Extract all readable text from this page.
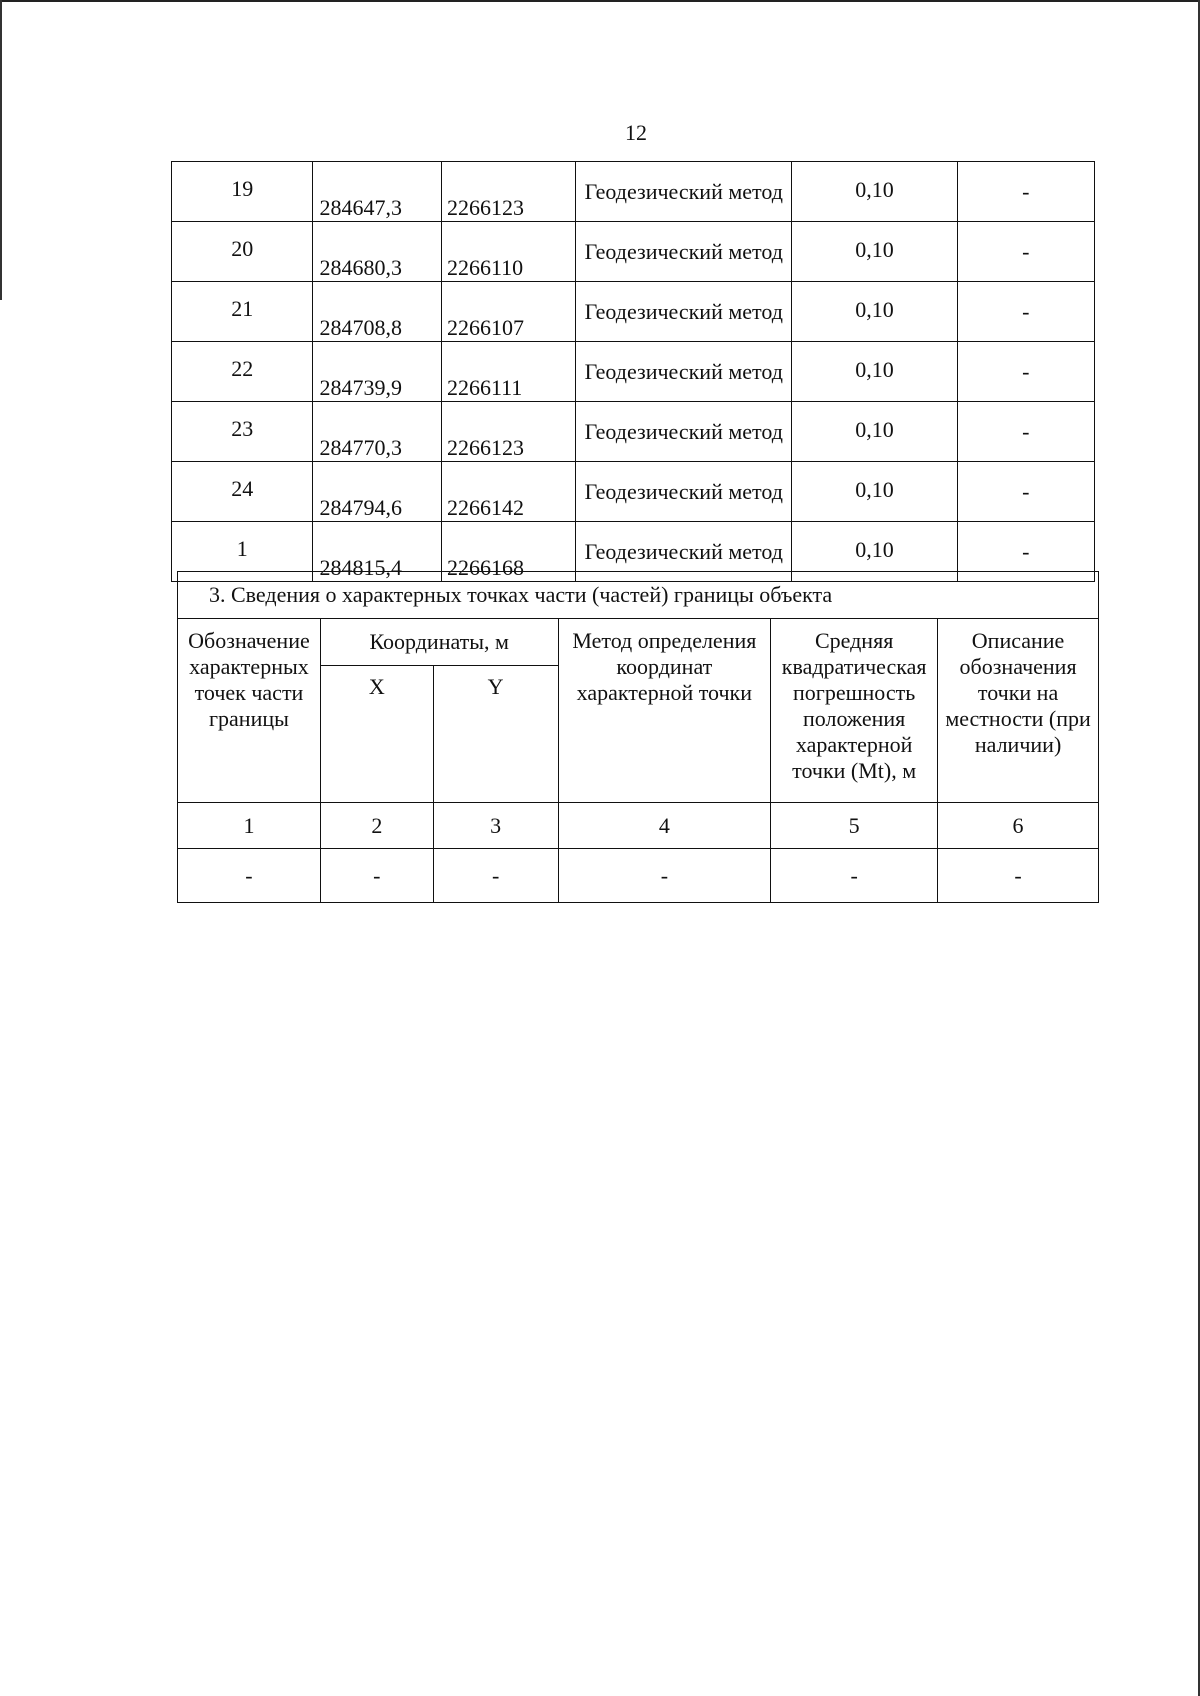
12
19	284647,3	2266123	Геодезический метод	0,10	-
20	284680,3	2266110	Геодезический метод	0,10	-
21	284708,8	2266107	Геодезический метод	0,10	-
22	284739,9	2266111	Геодезический метод	0,10	-
23	284770,3	2266123	Геодезический метод	0,10	-
24	284794,6	2266142	Геодезический метод	0,10	-
1	284815,4	2266168	Геодезический метод	0,10	-
3. Сведения о характерных точках части (частей) границы объекта					
Обозначение характерных точек части границы	Координаты, м		Метод определения координат характерной точки	Средняя квадратическая погрешность положения характерной точки (Mt), м	Описание обозначения точки на местности (при наличии)
	X	Y			
1	2	3	4	5	6
-	-	-	-	-	-
